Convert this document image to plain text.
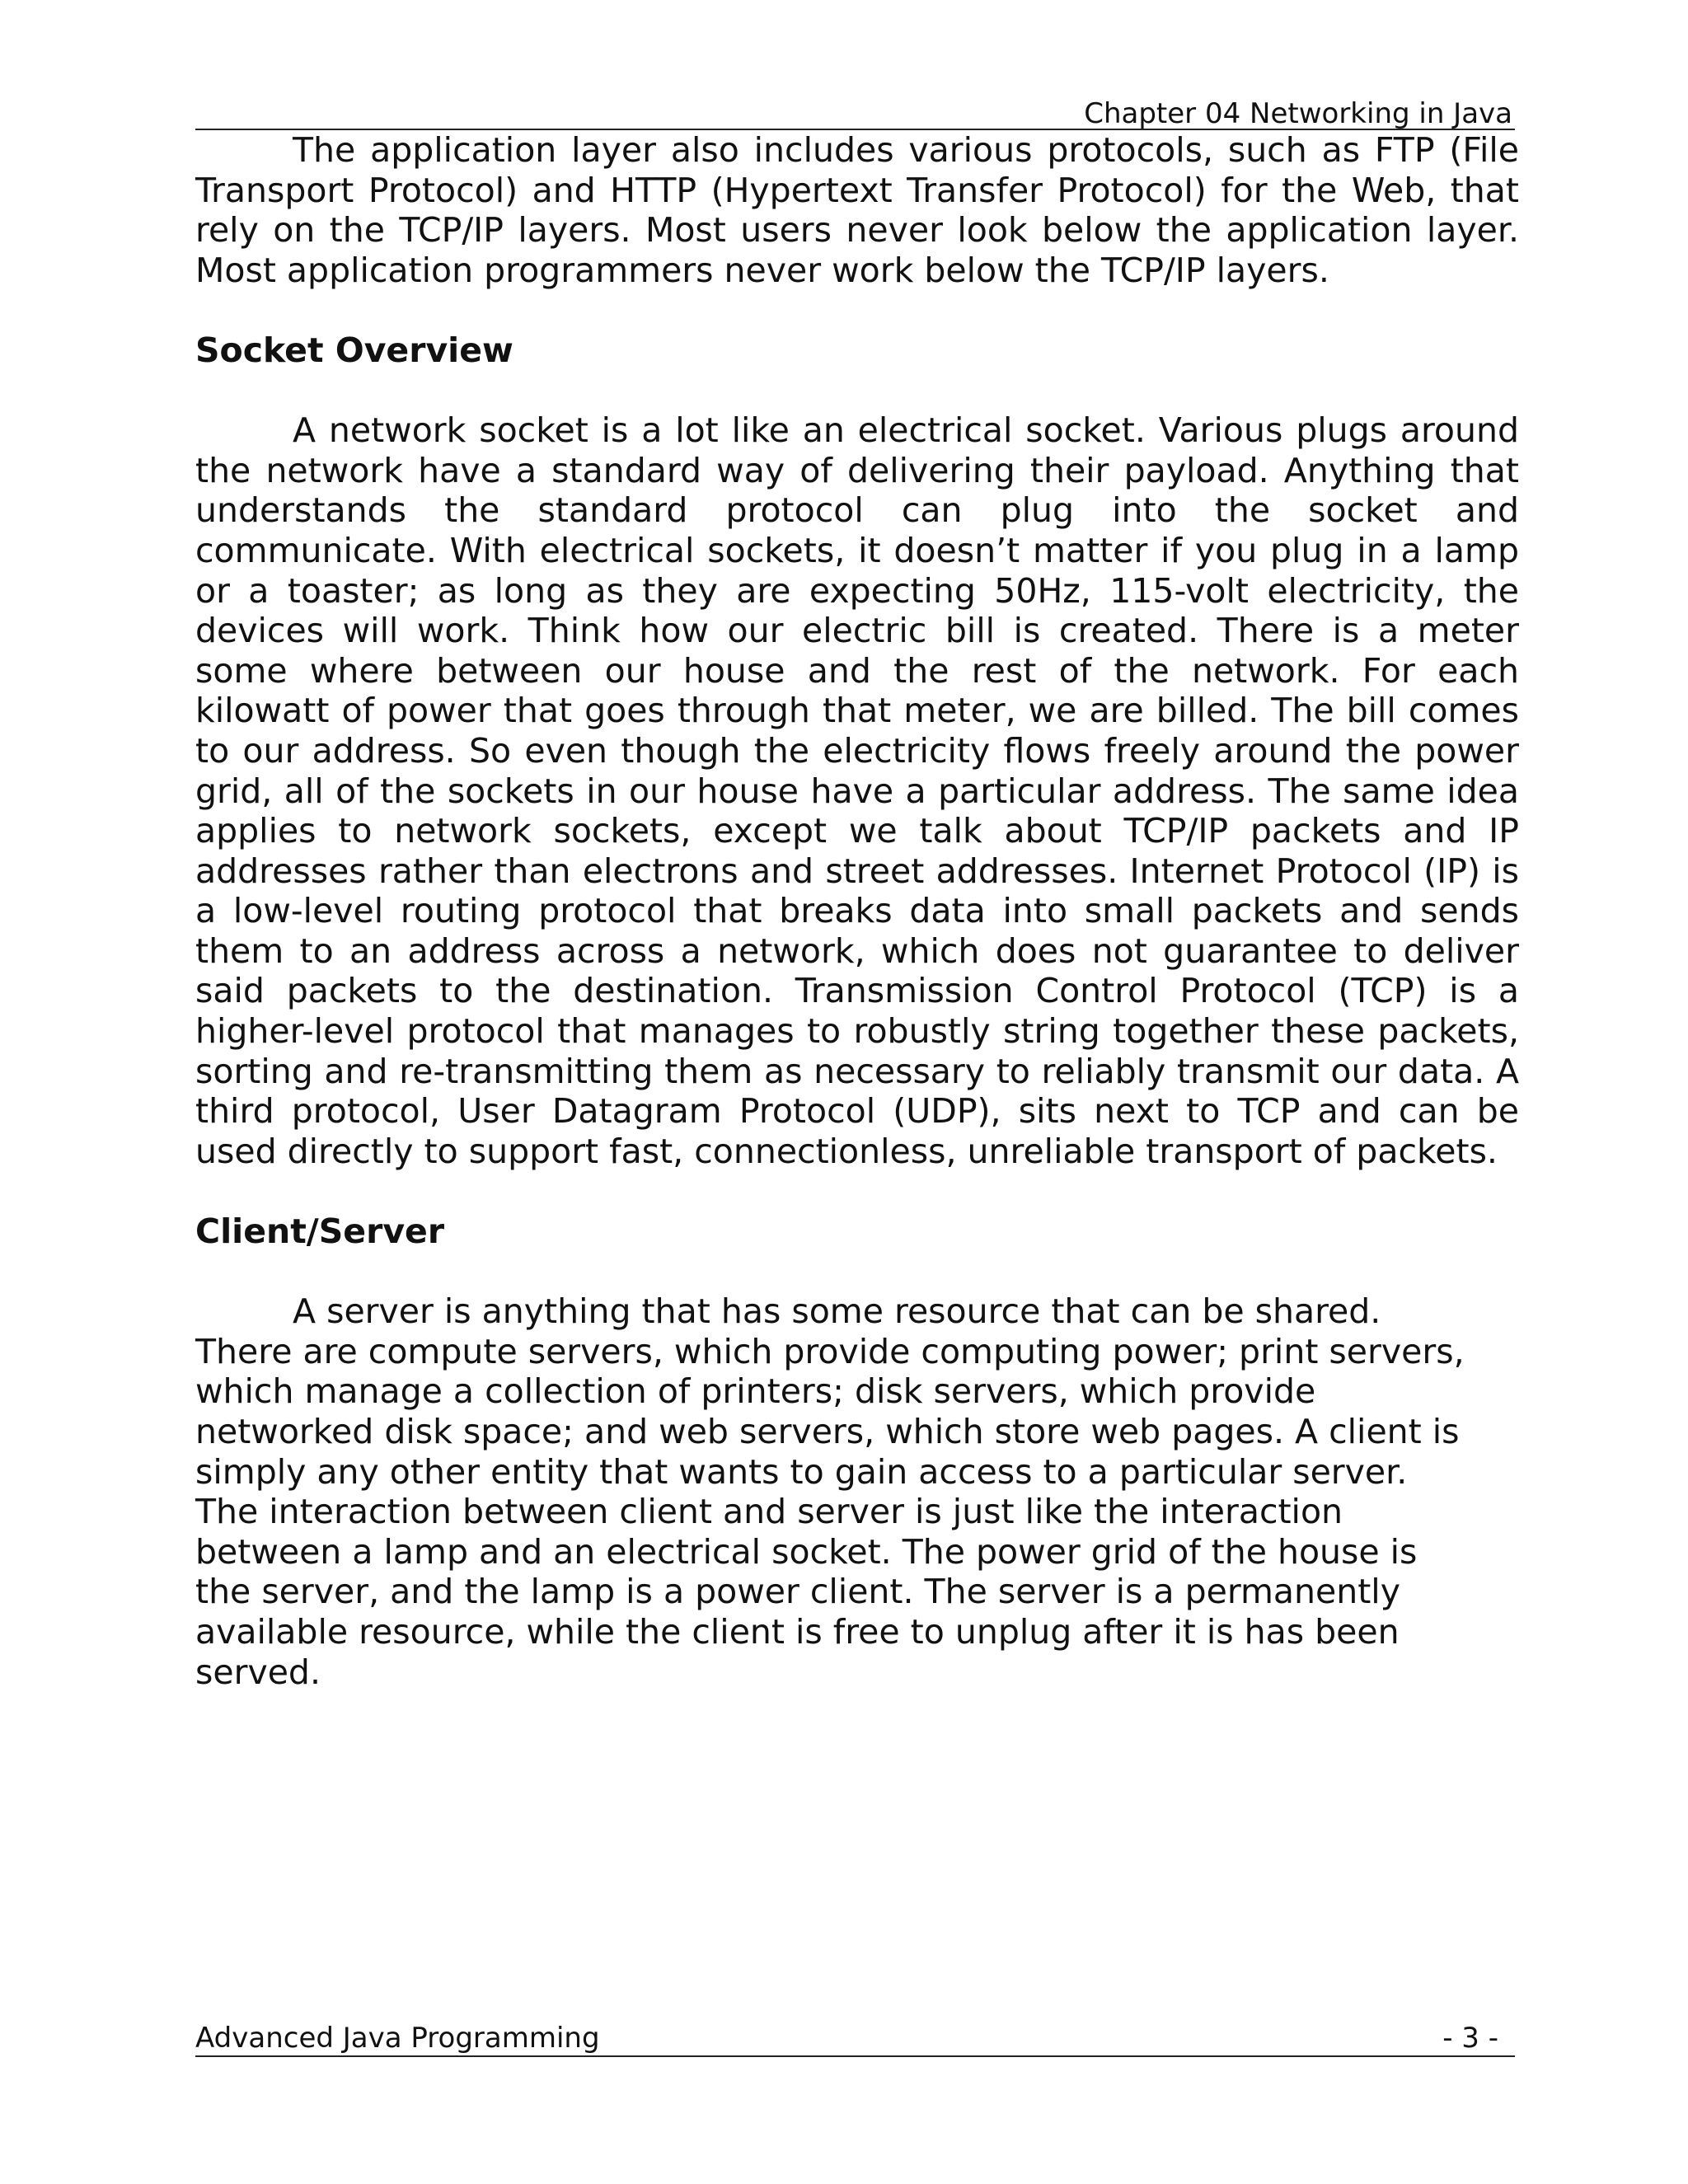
Chapter 04 Networking in Java

The application layer also includes various protocols, such as FTP (File Transport Protocol) and HTTP (Hypertext Transfer Protocol) for the Web, that rely on the TCP/IP layers. Most users never look below the application layer. Most application programmers never work below the TCP/IP layers.

Socket Overview

A network socket is a lot like an electrical socket. Various plugs around the network have a standard way of delivering their payload. Anything that understands the standard protocol can plug into the socket and communicate. With electrical sockets, it doesn’t matter if you plug in a lamp or a toaster; as long as they are expecting 50Hz, 115-volt electricity, the devices will work. Think how our electric bill is created. There is a meter some where between our house and the rest of the network. For each kilowatt of power that goes through that meter, we are billed. The bill comes to our address. So even though the electricity flows freely around the power grid, all of the sockets in our house have a particular address. The same idea applies to network sockets, except we talk about TCP/IP packets and IP addresses rather than electrons and street addresses. Internet Protocol (IP) is a low-level routing protocol that breaks data into small packets and sends them to an address across a network, which does not guarantee to deliver said packets to the destination. Transmission Control Protocol (TCP) is a higher-level protocol that manages to robustly string together these packets, sorting and re-transmitting them as necessary to reliably transmit our data. A third protocol, User Datagram Protocol (UDP), sits next to TCP and can be used directly to support fast, connectionless, unreliable transport of packets.

Client/Server

A server is anything that has some resource that can be shared. There are compute servers, which provide computing power; print servers, which manage a collection of printers; disk servers, which provide networked disk space; and web servers, which store web pages. A client is simply any other entity that wants to gain access to a particular server. The interaction between client and server is just like the interaction between a lamp and an electrical socket. The power grid of the house is the server, and the lamp is a power client. The server is a permanently available resource, while the client is free to unplug after it is has been served.

Advanced Java Programming	- 3 -
